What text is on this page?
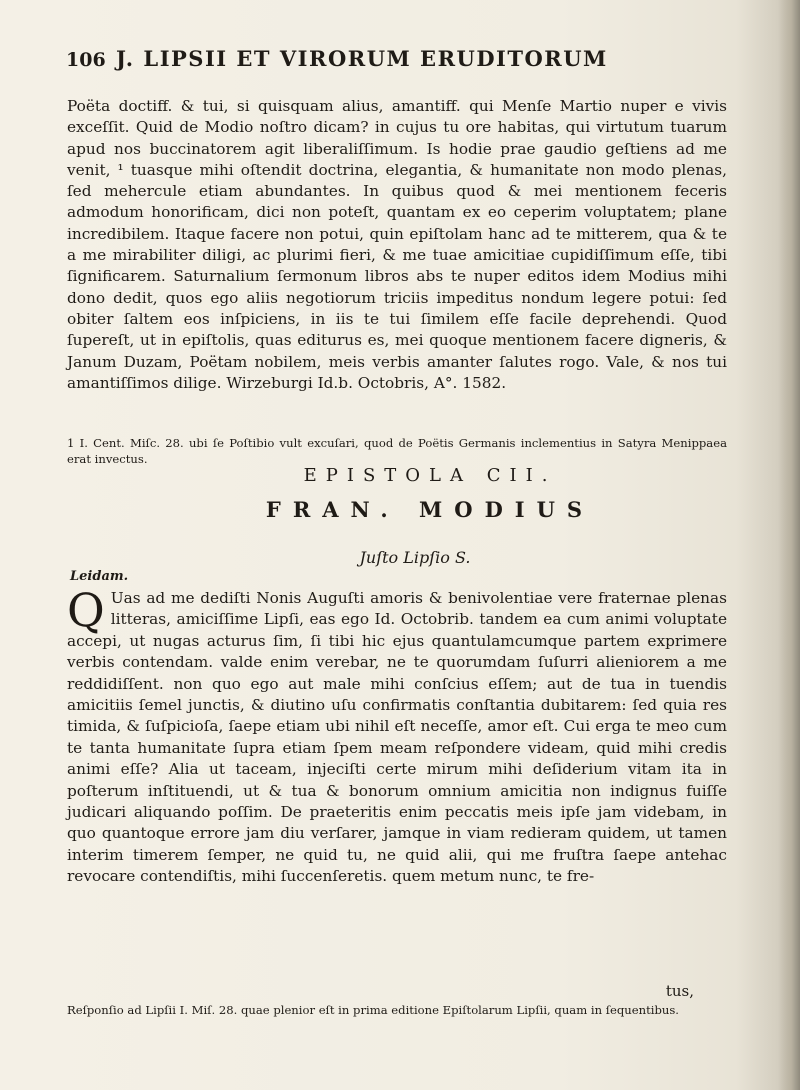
106 J. LIPSII ET VIRORUM ERUDITORUM

Poëta doctiff. & tui, si quisquam alius, amantiff. qui Menſe Martio nuper e vivis exceſſit. Quid de Modio noſtro dicam? in cujus tu ore habitas, qui virtutum tuarum apud nos buccinatorem agit liberaliſſimum. Is hodie prae gaudio geſtiens ad me venit, ¹ tuasque mihi oſtendit doctrina, elegantia, & humanitate non modo plenas, ſed mehercule etiam abundantes. In quibus quod & mei mentionem feceris admodum honorificam, dici non poteſt, quantam ex eo ceperim voluptatem; plane incredibilem. Itaque facere non potui, quin epiſtolam hanc ad te mitterem, qua & te a me mirabiliter diligi, ac plurimi fieri, & me tuae amicitiae cupidiſſimum eſſe, tibi ſignificarem. Saturnalium ſermonum libros abs te nuper editos idem Modius mihi dono dedit, quos ego aliis negotiorum triciis impeditus nondum legere potui: ſed obiter ſaltem eos inſpiciens, in iis te tui ſimilem eſſe facile deprehendi. Quod ſupereſt, ut in epiſtolis, quas editurus es, mei quoque mentionem facere digneris, & Janum Duzam, Poëtam nobilem, meis verbis amanter ſalutes rogo. Vale, & nos tui amantiſſimos dilige. Wirzeburgi Id.b. Octobris, A°. 1582.

1 I. Cent. Miſc. 28. ubi ſe Poſtibio vult excuſari, quod de Poëtis Germanis inclementius in Satyra Menippaea erat invectus.
EPISTOLA CII.
FRAN. MODIUS
Juſto Lipſio S.
Leidam.

Q Uas ad me dediſti Nonis Auguſti amoris & benivolentiae vere fraternae plenas litteras, amiciſſime Lipſi, eas ego Id. Octobrib. tandem ea cum animi voluptate accepi, ut nugas acturus ſim, ſi tibi hic ejus quantulamcumque partem exprimere verbis contendam. valde enim verebar, ne te quorumdam ſuſurri alieniorem a me reddidiſſent. non quo ego aut male mihi conſcius eſſem; aut de tua in tuendis amicitiis ſemel junctis, & diutino uſu confirmatis conſtantia dubitarem: ſed quia res timida, & ſuſpicioſa, ſaepe etiam ubi nihil eſt neceſſe, amor eſt. Cui erga te meo cum te tanta humanitate ſupra etiam ſpem meam reſpondere videam, quid mihi credis animi eſſe? Alia ut taceam, injeciſti certe mirum mihi deſiderium vitam ita in poſterum inſtituendi, ut & tua & bonorum omnium amicitia non indignus fuiſſe judicari aliquando poſſim. De praeteritis enim peccatis meis ipſe jam videbam, in quo quantoque errore jam diu verſarer, jamque in viam redieram quidem, ut tamen interim timerem ſemper, ne quid tu, ne quid alii, qui me fruſtra ſaepe antehac revocare contendiſtis, mihi ſuccenſeretis. quem metum nunc, te fre-

tus,
Reſponſio ad Lipſii I. Miſ. 28. quae plenior eſt in prima editione Epiſtolarum Lipſii, quam in ſequentibus.
